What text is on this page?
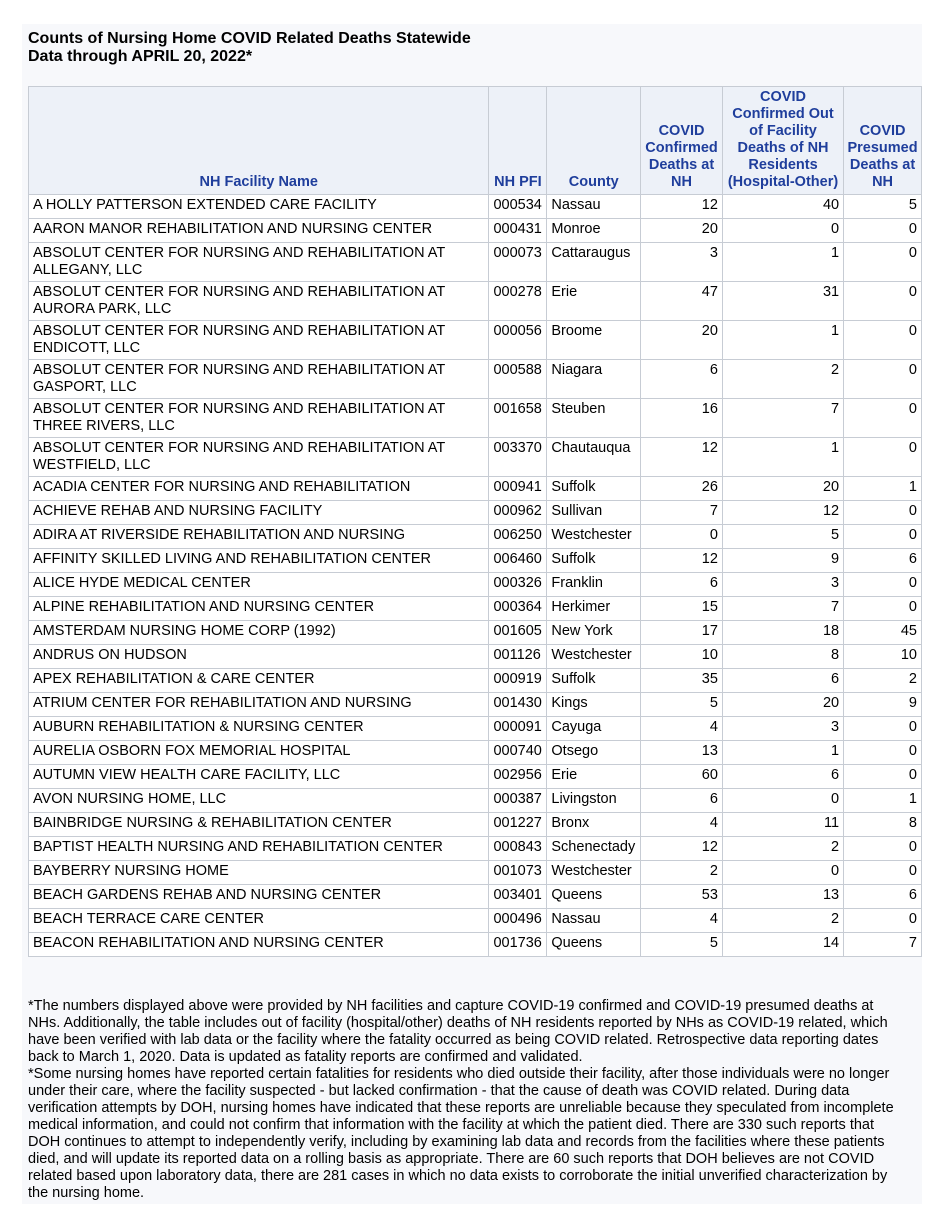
Counts of Nursing Home COVID Related Deaths Statewide
Data through APRIL 20, 2022*
NH Facility Name	NH PFI	County	COVID Confirmed Deaths at NH	COVID Confirmed Out of Facility Deaths of NH Residents (Hospital-Other)	COVID Presumed Deaths at NH
A HOLLY PATTERSON EXTENDED CARE FACILITY	000534	Nassau	12	40	5
AARON MANOR REHABILITATION AND NURSING CENTER	000431	Monroe	20	0	0
ABSOLUT CENTER FOR NURSING AND REHABILITATION AT ALLEGANY, LLC	000073	Cattaraugus	3	1	0
ABSOLUT CENTER FOR NURSING AND REHABILITATION AT AURORA PARK, LLC	000278	Erie	47	31	0
ABSOLUT CENTER FOR NURSING AND REHABILITATION AT ENDICOTT, LLC	000056	Broome	20	1	0
ABSOLUT CENTER FOR NURSING AND REHABILITATION AT GASPORT, LLC	000588	Niagara	6	2	0
ABSOLUT CENTER FOR NURSING AND REHABILITATION AT THREE RIVERS, LLC	001658	Steuben	16	7	0
ABSOLUT CENTER FOR NURSING AND REHABILITATION AT WESTFIELD, LLC	003370	Chautauqua	12	1	0
ACADIA CENTER FOR NURSING AND REHABILITATION	000941	Suffolk	26	20	1
ACHIEVE REHAB AND NURSING FACILITY	000962	Sullivan	7	12	0
ADIRA AT RIVERSIDE REHABILITATION AND NURSING	006250	Westchester	0	5	0
AFFINITY SKILLED LIVING AND REHABILITATION CENTER	006460	Suffolk	12	9	6
ALICE HYDE MEDICAL CENTER	000326	Franklin	6	3	0
ALPINE REHABILITATION AND NURSING CENTER	000364	Herkimer	15	7	0
AMSTERDAM NURSING HOME CORP (1992)	001605	New York	17	18	45
ANDRUS ON HUDSON	001126	Westchester	10	8	10
APEX REHABILITATION & CARE CENTER	000919	Suffolk	35	6	2
ATRIUM CENTER FOR REHABILITATION AND NURSING	001430	Kings	5	20	9
AUBURN REHABILITATION & NURSING CENTER	000091	Cayuga	4	3	0
AURELIA OSBORN FOX MEMORIAL HOSPITAL	000740	Otsego	13	1	0
AUTUMN VIEW HEALTH CARE FACILITY, LLC	002956	Erie	60	6	0
AVON NURSING HOME, LLC	000387	Livingston	6	0	1
BAINBRIDGE NURSING & REHABILITATION CENTER	001227	Bronx	4	11	8
BAPTIST HEALTH NURSING AND REHABILITATION CENTER	000843	Schenectady	12	2	0
BAYBERRY NURSING HOME	001073	Westchester	2	0	0
BEACH GARDENS REHAB AND NURSING CENTER	003401	Queens	53	13	6
BEACH TERRACE CARE CENTER	000496	Nassau	4	2	0
BEACON REHABILITATION AND NURSING CENTER	001736	Queens	5	14	7

*The numbers displayed above were provided by NH facilities and capture COVID-19 confirmed and COVID-19 presumed deaths at NHs. Additionally, the table includes out of facility (hospital/other) deaths of NH residents reported by NHs as COVID-19 related, which have been verified with lab data or the facility where the fatality occurred as being COVID related. Retrospective data reporting dates back to March 1, 2020. Data is updated as fatality reports are confirmed and validated.

*Some nursing homes have reported certain fatalities for residents who died outside their facility, after those individuals were no longer under their care, where the facility suspected - but lacked confirmation - that the cause of death was COVID related. During data verification attempts by DOH, nursing homes have indicated that these reports are unreliable because they speculated from incomplete medical information, and could not confirm that information with the facility at which the patient died. There are 330 such reports that DOH continues to attempt to independently verify, including by examining lab data and records from the facilities where these patients died, and will update its reported data on a rolling basis as appropriate. There are 60 such reports that DOH believes are not COVID related based upon laboratory data, there are 281 cases in which no data exists to corroborate the initial unverified characterization by the nursing home.
